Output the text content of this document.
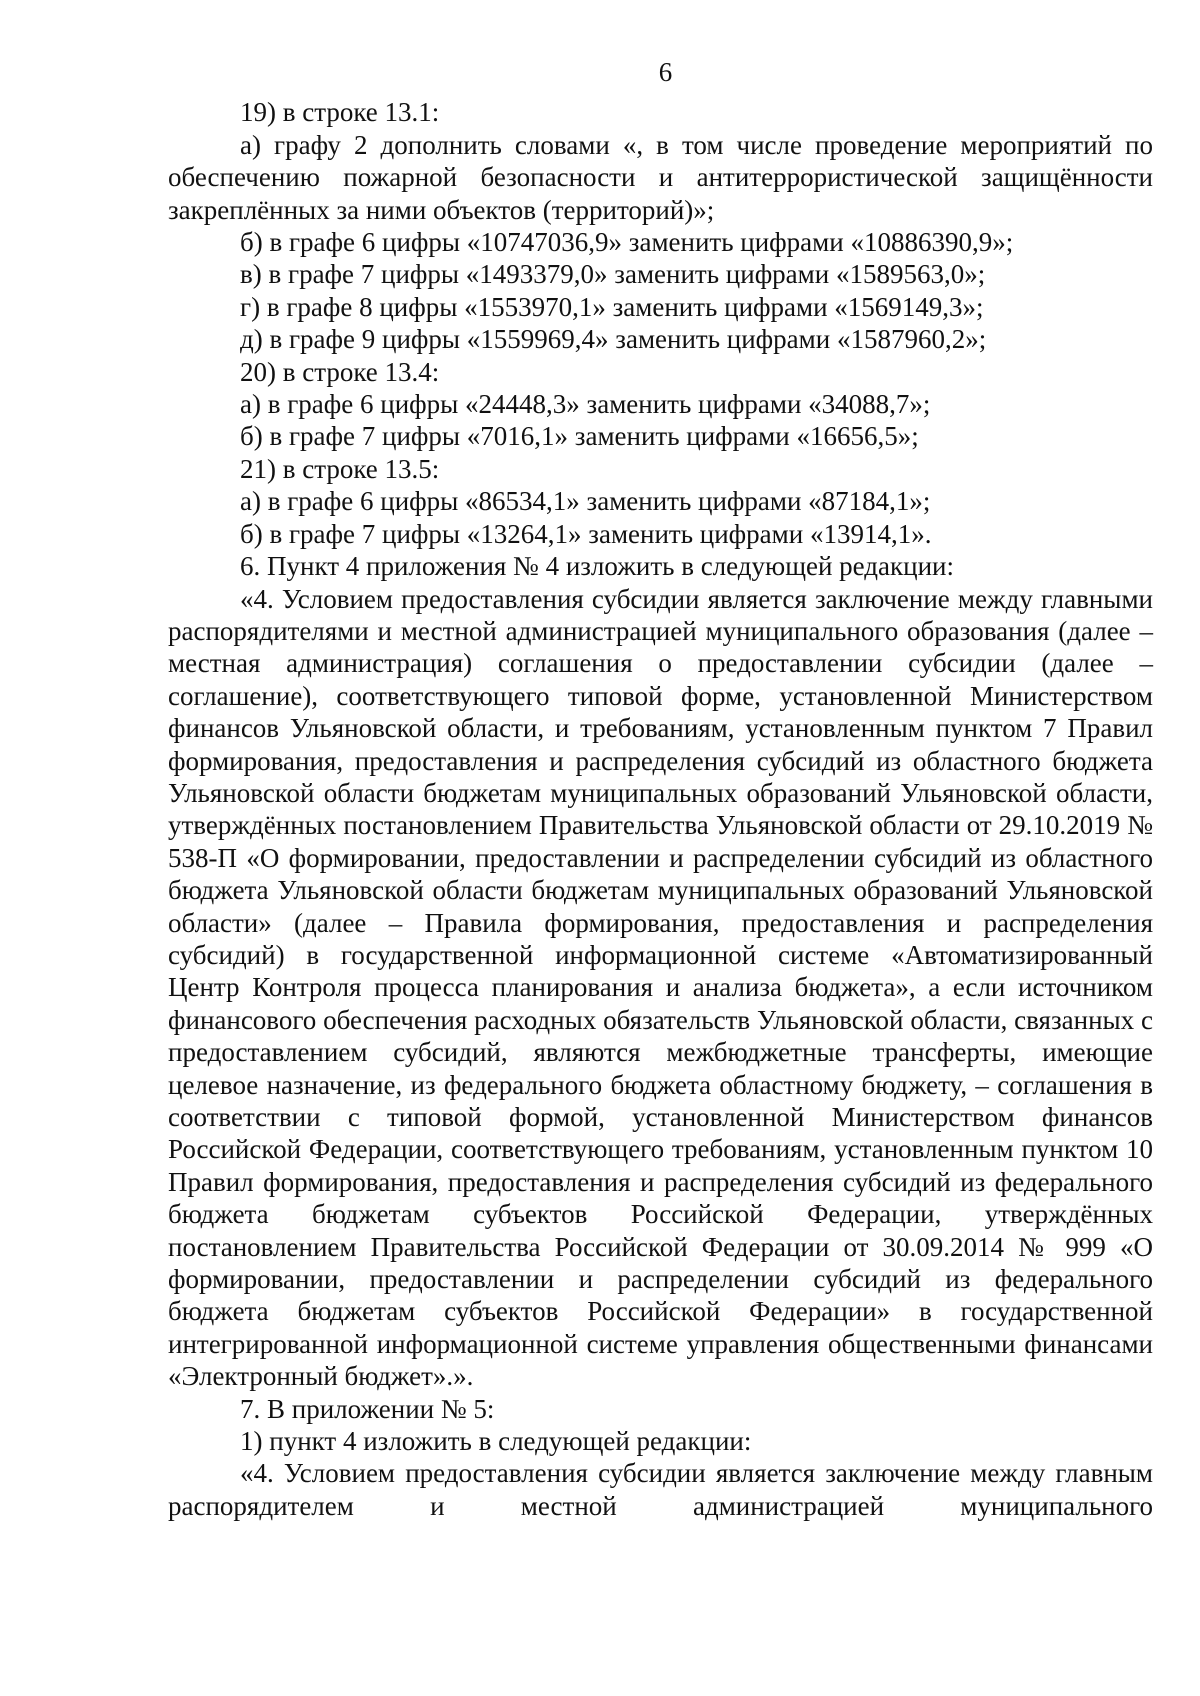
6

19) в строке 13.1:

а) графу 2 дополнить словами «, в том числе проведение мероприятий по обеспечению пожарной безопасности и антитеррористической защищённости закреплённых за ними объектов (территорий)»;

б) в графе 6 цифры «10747036,9» заменить цифрами «10886390,9»;

в) в графе 7 цифры «1493379,0» заменить цифрами «1589563,0»;

г) в графе 8 цифры «1553970,1» заменить цифрами «1569149,3»;

д) в графе 9 цифры «1559969,4» заменить цифрами «1587960,2»;

20) в строке 13.4:

а) в графе 6 цифры «24448,3» заменить цифрами «34088,7»;

б) в графе 7 цифры «7016,1» заменить цифрами «16656,5»;

21) в строке 13.5:

а) в графе 6 цифры «86534,1» заменить цифрами «87184,1»;

б) в графе 7 цифры «13264,1» заменить цифрами «13914,1».

6. Пункт 4 приложения № 4 изложить в следующей редакции:

«4. Условием предоставления субсидии является заключение между главными распорядителями и местной администрацией муниципального образования (далее – местная администрация) соглашения о предоставлении субсидии (далее – соглашение), соответствующего типовой форме, установленной Министерством финансов Ульяновской области, и требованиям, установленным пунктом 7 Правил формирования, предоставления и распределения субсидий из областного бюджета Ульяновской области бюджетам муниципальных образований Ульяновской области, утверждённых постановлением Правительства Ульяновской области от 29.10.2019 № 538-П «О формировании, предоставлении и распределении субсидий из областного бюджета Ульяновской области бюджетам муниципальных образований Ульяновской области» (далее – Правила формирования, предоставления и распределения субсидий) в государственной информационной системе «Автоматизированный Центр Контроля процесса планирования и анализа бюджета», а если источником финансового обеспечения расходных обязательств Ульяновской области, связанных с предоставлением субсидий, являются межбюджетные трансферты, имеющие целевое назначение, из федерального бюджета областному бюджету, – соглашения в соответствии с типовой формой, установленной Министерством финансов Российской Федерации, соответствующего требованиям, установленным пунктом 10 Правил формирования, предоставления и распределения субсидий из федерального бюджета бюджетам субъектов Российской Федерации, утверждённых постановлением Правительства Российской Федерации от 30.09.2014 № 999 «О формировании, предоставлении и распределении субсидий из федерального бюджета бюджетам субъектов Российской Федерации» в государственной интегрированной информационной системе управления общественными финансами «Электронный бюджет».».

7. В приложении № 5:

1) пункт 4 изложить в следующей редакции:

«4. Условием предоставления субсидии является заключение между главным распорядителем и местной администрацией муниципального
